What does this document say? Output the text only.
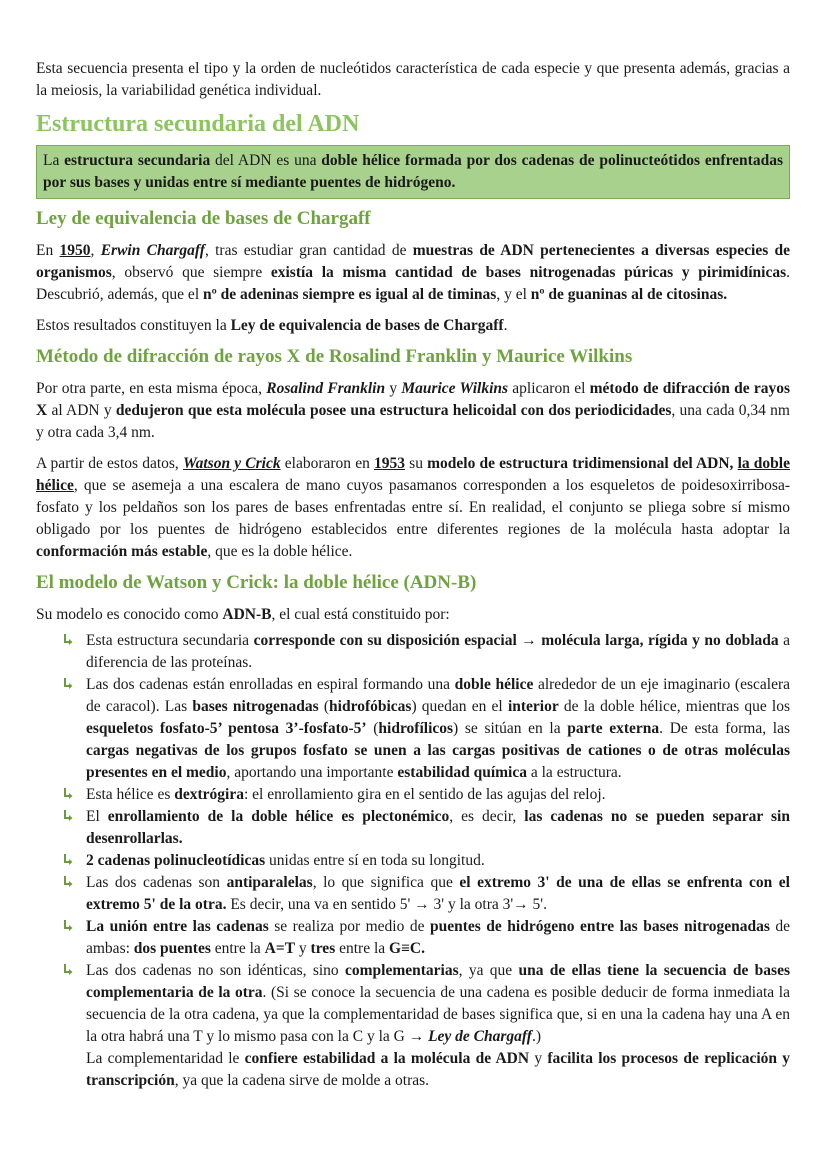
Esta secuencia presenta el tipo y la orden de nucleótidos característica de cada especie y que presenta además, gracias a la meiosis, la variabilidad genética individual.

Estructura secundaria del ADN

La estructura secundaria del ADN es una doble hélice formada por dos cadenas de polinucteótidos enfrentadas por sus bases y unidas entre sí mediante puentes de hidrógeno.

Ley de equivalencia de bases de Chargaff

En 1950, Erwin Chargaff, tras estudiar gran cantidad de muestras de ADN pertenecientes a diversas especies de organismos, observó que siempre existía la misma cantidad de bases nitrogenadas púricas y pirimidínicas. Descubrió, además, que el nº de adeninas siempre es igual al de timinas, y el nº de guaninas al de citosinas.

Estos resultados constituyen la Ley de equivalencia de bases de Chargaff.

Método de difracción de rayos X de Rosalind Franklin y Maurice Wilkins

Por otra parte, en esta misma época, Rosalind Franklin y Maurice Wilkins aplicaron el método de difracción de rayos X al ADN y dedujeron que esta molécula posee una estructura helicoidal con dos periodicidades, una cada 0,34 nm y otra cada 3,4 nm.

A partir de estos datos, Watson y Crick elaboraron en 1953 su modelo de estructura tridimensional del ADN, la doble hélice, que se asemeja a una escalera de mano cuyos pasamanos corresponden a los esqueletos de poidesoxirribosa-fosfato y los peldaños son los pares de bases enfrentadas entre sí. En realidad, el conjunto se pliega sobre sí mismo obligado por los puentes de hidrógeno establecidos entre diferentes regiones de la molécula hasta adoptar la conformación más estable, que es la doble hélice.

El modelo de Watson y Crick: la doble hélice (ADN-B)

Su modelo es conocido como ADN-B, el cual está constituido por:

Esta estructura secundaria corresponde con su disposición espacial → molécula larga, rígida y no doblada a diferencia de las proteínas.
Las dos cadenas están enrolladas en espiral formando una doble hélice alrededor de un eje imaginario (escalera de caracol). Las bases nitrogenadas (hidrofóbicas) quedan en el interior de la doble hélice, mientras que los esqueletos fosfato-5’ pentosa 3’-fosfato-5’ (hidrofílicos) se sitúan en la parte externa. De esta forma, las cargas negativas de los grupos fosfato se unen a las cargas positivas de cationes o de otras moléculas presentes en el medio, aportando una importante estabilidad química a la estructura.
Esta hélice es dextrógira: el enrollamiento gira en el sentido de las agujas del reloj.
El enrollamiento de la doble hélice es plectonémico, es decir, las cadenas no se pueden separar sin desenrollarlas.
2 cadenas polinucleotídicas unidas entre sí en toda su longitud.
Las dos cadenas son antiparalelas, lo que significa que el extremo 3' de una de ellas se enfrenta con el extremo 5' de la otra. Es decir, una va en sentido 5' → 3' y la otra 3'→ 5'.
La unión entre las cadenas se realiza por medio de puentes de hidrógeno entre las bases nitrogenadas de ambas: dos puentes entre la A=T y tres entre la G≡C.
Las dos cadenas no son idénticas, sino complementarias, ya que una de ellas tiene la secuencia de bases complementaria de la otra. (Si se conoce la secuencia de una cadena es posible deducir de forma inmediata la secuencia de la otra cadena, ya que la complementaridad de bases significa que, si en una la cadena hay una A en la otra habrá una T y lo mismo pasa con la C y la G → Ley de Chargaff.)
La complementaridad le confiere estabilidad a la molécula de ADN y facilita los procesos de replicación y transcripción, ya que la cadena sirve de molde a otras.
